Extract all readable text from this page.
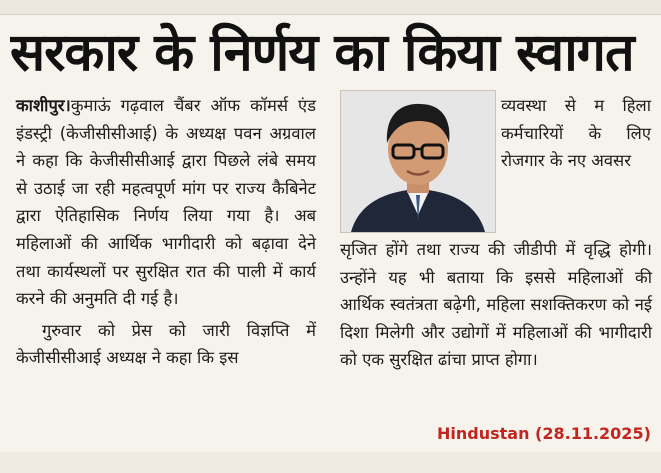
सरकार के निर्णय का किया स्वागत

काशीपुर।कुमाऊं गढ़वाल चैंबर ऑफ कॉमर्स एंड इंडस्ट्री (केजीसीसीआई) के अध्यक्ष पवन अग्रवाल ने कहा कि केजीसीसीआई द्वारा पिछले लंबे समय से उठाई जा रही महत्वपूर्ण मांग पर राज्य कैबिनेट द्वारा ऐतिहासिक निर्णय लिया गया है। अब महिलाओं की आर्थिक भागीदारी को बढ़ावा देने तथा कार्यस्थलों पर सुरक्षित रात की पाली में कार्य करने की अनुमति दी गई है।

गुरुवार को प्रेस को जारी विज्ञप्ति में केजीसीसीआई अध्यक्ष ने कहा कि इस

व्यवस्था से म हिला कर्मचारियों के लिए रोजगार के नए अवसर

सृजित होंगे तथा राज्य की जीडीपी में वृद्धि होगी। उन्होंने यह भी बताया कि इससे महिलाओं की आर्थिक स्वतंत्रता बढ़ेगी, महिला सशक्तिकरण को नई दिशा मिलेगी और उद्योगों में महिलाओं की भागीदारी को एक सुरक्षित ढांचा प्राप्त होगा।

Hindustan (28.11.2025)
